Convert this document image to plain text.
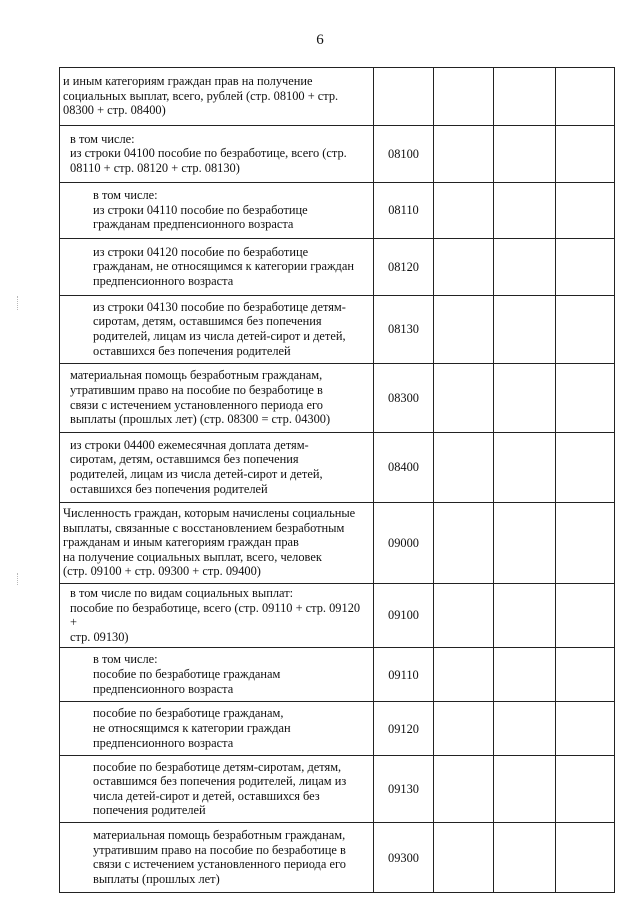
6
и иным категориям граждан прав на получение
социальных выплат, всего, рублей (стр. 08100 + стр.
08300 + стр. 08400)				

в том числе:
из строки 04100 пособие по безработице, всего (стр.
08110 + стр. 08120 + стр. 08130)	08100			

в том числе:
из строки 04110 пособие по безработице
гражданам предпенсионного возраста	08110			

из строки 04120 пособие по безработице
гражданам, не относящимся к категории граждан
предпенсионного возраста	08120			

из строки 04130 пособие по безработице детям-
сиротам, детям, оставшимся без попечения
родителей, лицам из числа детей-сирот и детей,
оставшихся без попечения родителей	08130			

материальная помощь безработным гражданам,
утратившим право на пособие по безработице в
связи с истечением установленного периода его
выплаты (прошлых лет) (стр. 08300 = стр. 04300)	08300			

из строки 04400 ежемесячная доплата детям-
сиротам, детям, оставшимся без попечения
родителей, лицам из числа детей-сирот и детей,
оставшихся без попечения родителей	08400			

Численность граждан, которым начислены социальные
выплаты, связанные с восстановлением безработным
гражданам и иным категориям граждан прав
на получение социальных выплат, всего, человек
(стр. 09100 + стр. 09300 + стр. 09400)	09000			

в том числе по видам социальных выплат:
пособие по безработице, всего (стр. 09110 + стр. 09120 +
стр. 09130)	09100			

в том числе:
пособие по безработице гражданам
предпенсионного возраста	09110			

пособие по безработице гражданам,
не относящимся к категории граждан
предпенсионного возраста	09120			

пособие по безработице детям-сиротам, детям,
оставшимся без попечения родителей, лицам из
числа детей-сирот и детей, оставшихся без
попечения родителей	09130			

материальная помощь безработным гражданам,
утратившим право на пособие по безработице в
связи с истечением установленного периода его
выплаты (прошлых лет)	09300			
